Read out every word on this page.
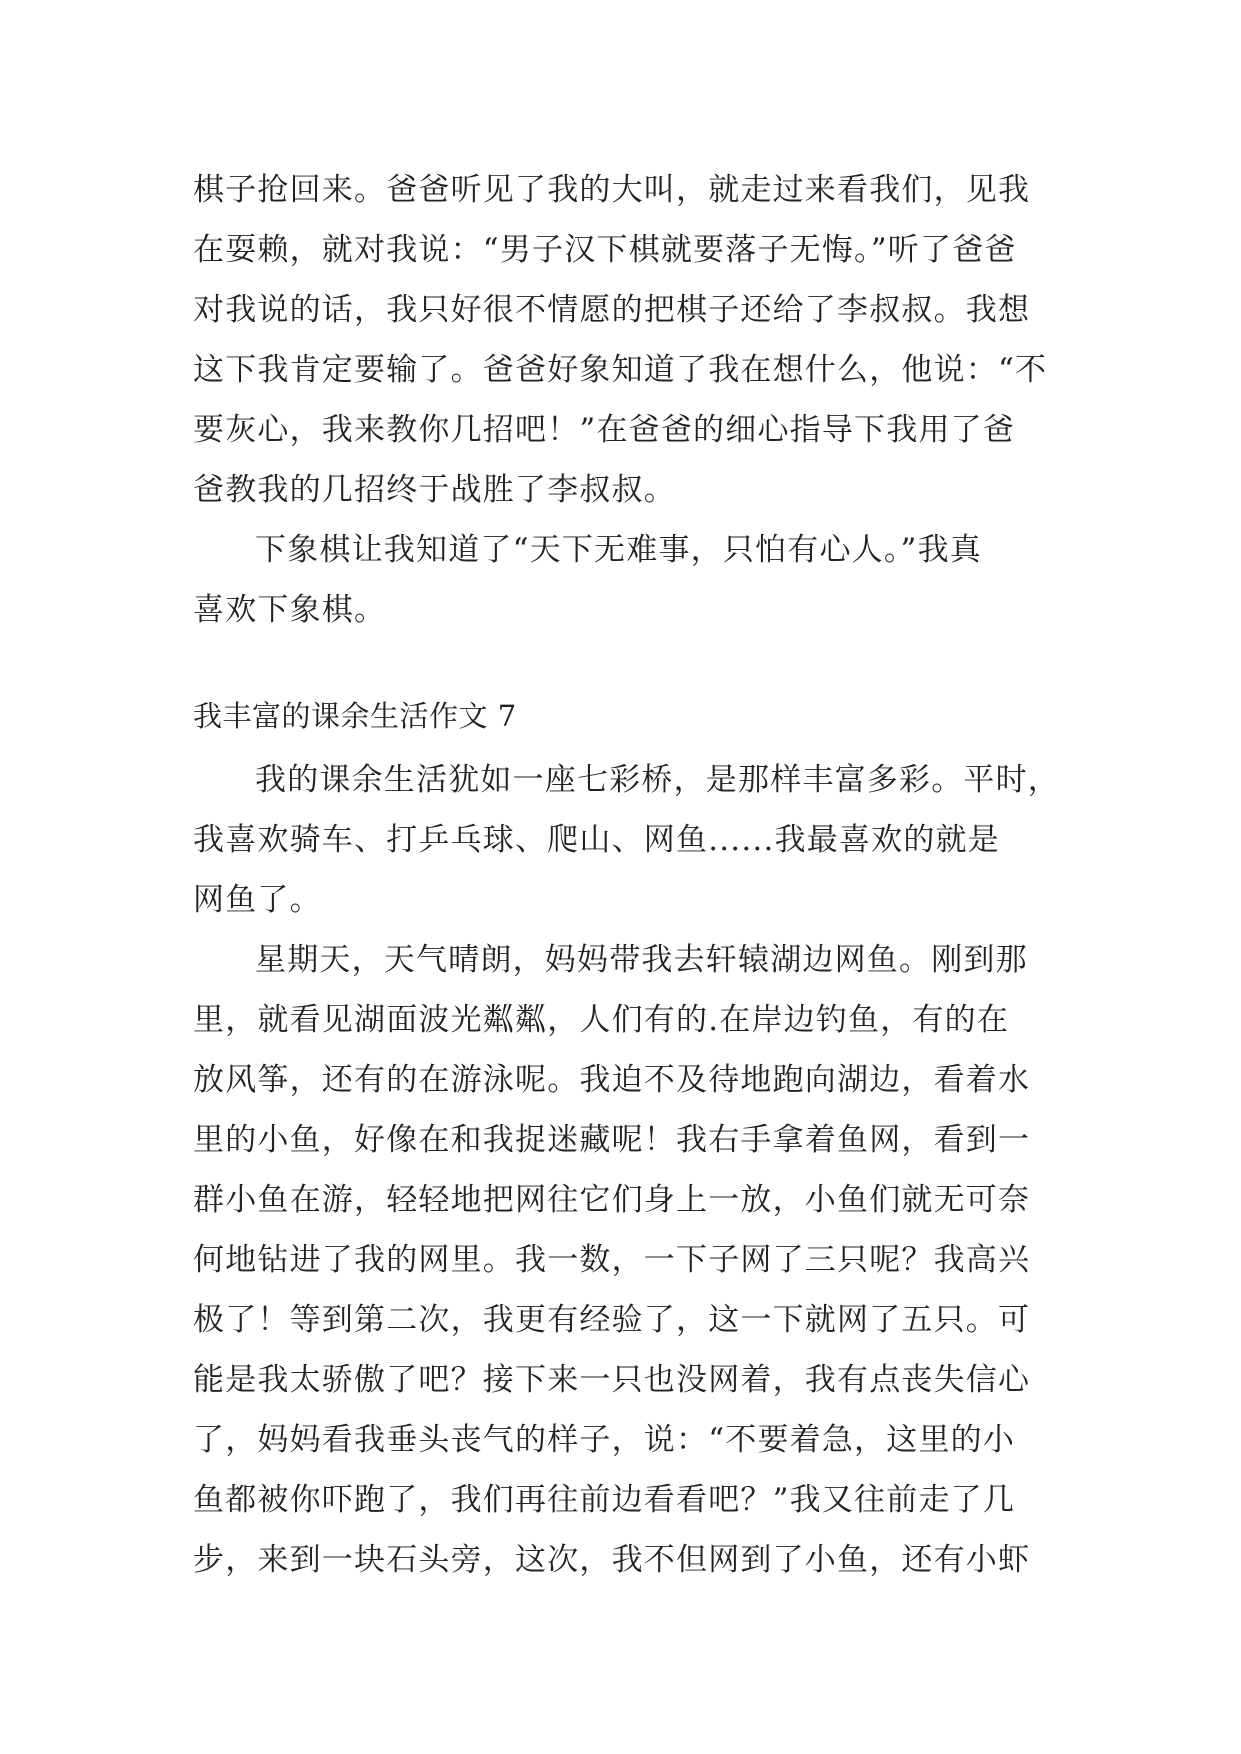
棋子抢回来。爸爸听见了我的大叫，就走过来看我们，见我
在耍赖，就对我说：“男子汉下棋就要落子无悔。”听了爸爸
对我说的话，我只好很不情愿的把棋子还给了李叔叔。我想
这下我肯定要输了。爸爸好象知道了我在想什么，他说：“不
要灰心，我来教你几招吧！”在爸爸的细心指导下我用了爸
爸教我的几招终于战胜了李叔叔。
下象棋让我知道了“天下无难事，只怕有心人。”我真
喜欢下象棋。
我丰富的课余生活作文 7
我的课余生活犹如一座七彩桥，是那样丰富多彩。平时，
我喜欢骑车、打乒乓球、爬山、网鱼......我最喜欢的就是
网鱼了。
星期天，天气晴朗，妈妈带我去轩辕湖边网鱼。刚到那
里，就看见湖面波光粼粼，人们有的.在岸边钓鱼，有的在
放风筝，还有的在游泳呢。我迫不及待地跑向湖边，看着水
里的小鱼，好像在和我捉迷藏呢！我右手拿着鱼网，看到一
群小鱼在游，轻轻地把网往它们身上一放，小鱼们就无可奈
何地钻进了我的网里。我一数，一下子网了三只呢？我高兴
极了！等到第二次，我更有经验了，这一下就网了五只。可
能是我太骄傲了吧？接下来一只也没网着，我有点丧失信心
了，妈妈看我垂头丧气的样子，说：“不要着急，这里的小
鱼都被你吓跑了，我们再往前边看看吧？”我又往前走了几
步，来到一块石头旁，这次，我不但网到了小鱼，还有小虾
